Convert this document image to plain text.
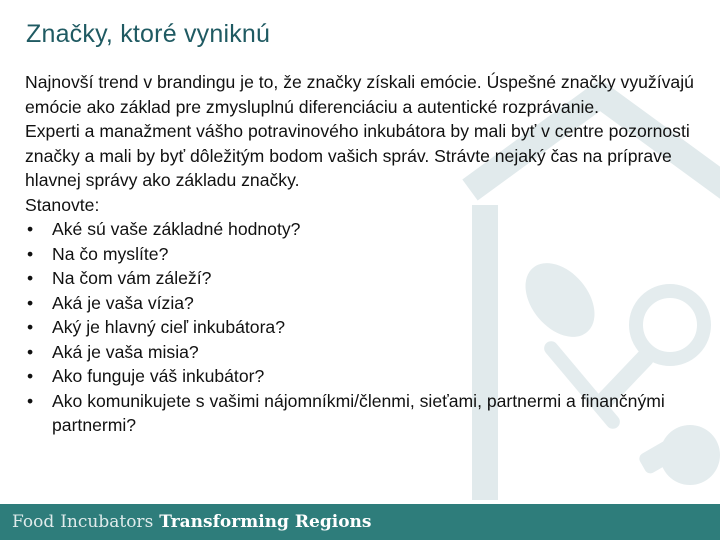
Značky, ktoré vyniknú

Najnovší trend v brandingu je to, že značky získali emócie. Úspešné značky využívajú emócie ako základ pre zmysluplnú diferenciáciu a autentické rozprávanie.

Experti a manažment vášho potravinového inkubátora by mali byť v centre pozornosti značky a mali by byť dôležitým bodom vašich správ. Strávte nejaký čas na príprave hlavnej správy ako základu značky.

Stanovte:

• Aké sú vaše základné hodnoty?
• Na čo myslíte?
• Na čom vám záleží?
• Aká je vaša vízia?
• Aký je hlavný cieľ inkubátora?
• Aká je vaša misia?
• Ako funguje váš inkubátor?
• Ako komunikujete s vašimi nájomníkmi/členmi, sieťami, partnermi a finančnými partnermi?
Food Incubators Transforming Regions
